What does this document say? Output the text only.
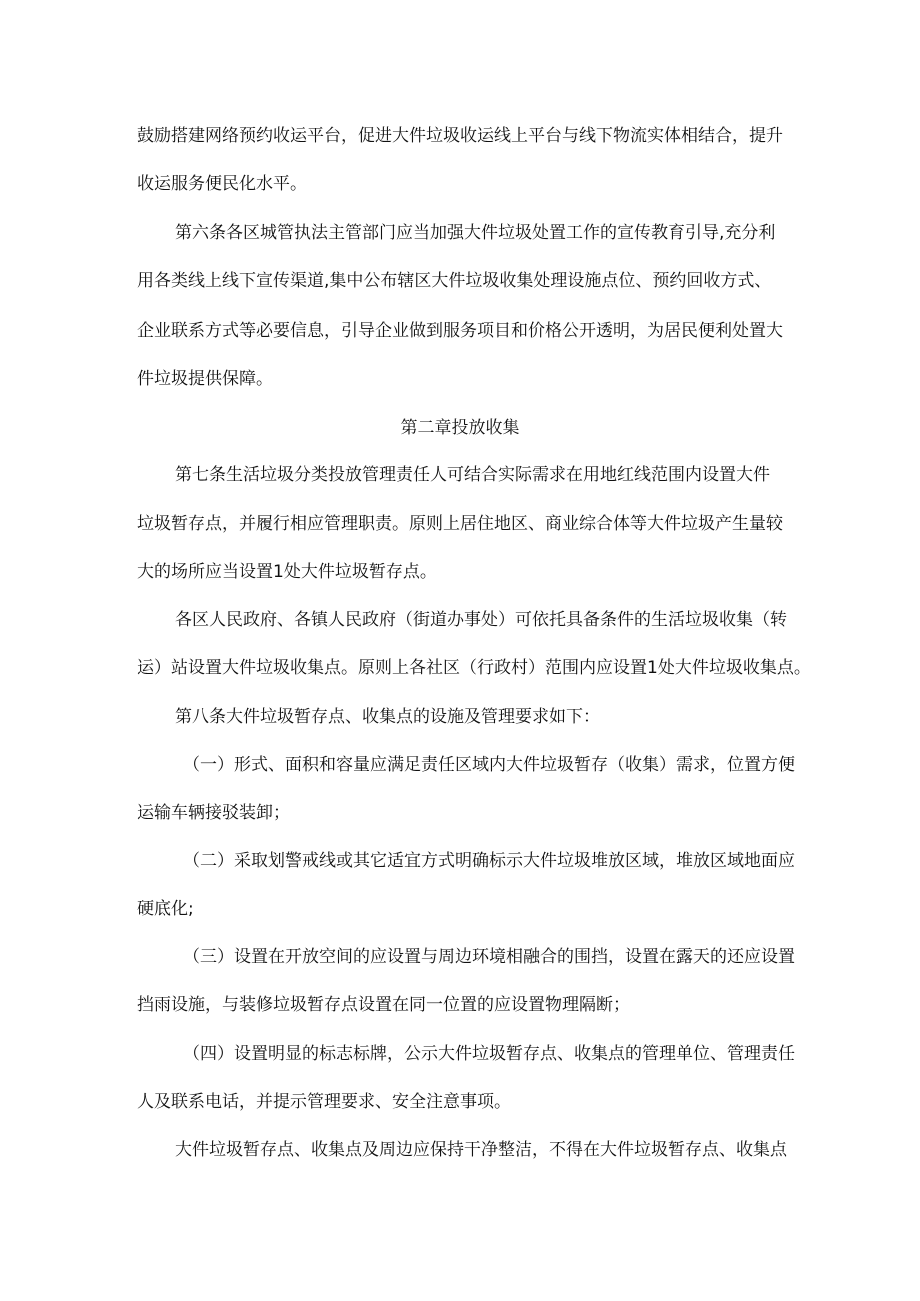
鼓励搭建网络预约收运平台，促进大件垃圾收运线上平台与线下物流实体相结合，提升
收运服务便民化水平。
第六条各区城管执法主管部门应当加强大件垃圾处置工作的宣传教育引导,充分利
用各类线上线下宣传渠道,集中公布辖区大件垃圾收集处理设施点位、预约回收方式、
企业联系方式等必要信息，引导企业做到服务项目和价格公开透明，为居民便利处置大
件垃圾提供保障。
第二章投放收集
第七条生活垃圾分类投放管理责任人可结合实际需求在用地红线范围内设置大件
垃圾暂存点，并履行相应管理职责。原则上居住地区、商业综合体等大件垃圾产生量较
大的场所应当设置1处大件垃圾暂存点。
各区人民政府、各镇人民政府（街道办事处）可依托具备条件的生活垃圾收集（转
运）站设置大件垃圾收集点。原则上各社区（行政村）范围内应设置1处大件垃圾收集点。
第八条大件垃圾暂存点、收集点的设施及管理要求如下：
（一）形式、面积和容量应满足责任区域内大件垃圾暂存（收集）需求，位置方便
运输车辆接驳装卸；
（二）采取划警戒线或其它适宜方式明确标示大件垃圾堆放区域，堆放区域地面应
硬底化;
（三）设置在开放空间的应设置与周边环境相融合的围挡，设置在露天的还应设置
挡雨设施，与装修垃圾暂存点设置在同一位置的应设置物理隔断；
（四）设置明显的标志标牌，公示大件垃圾暂存点、收集点的管理单位、管理责任
人及联系电话，并提示管理要求、安全注意事项。
大件垃圾暂存点、收集点及周边应保持干净整洁，不得在大件垃圾暂存点、收集点
